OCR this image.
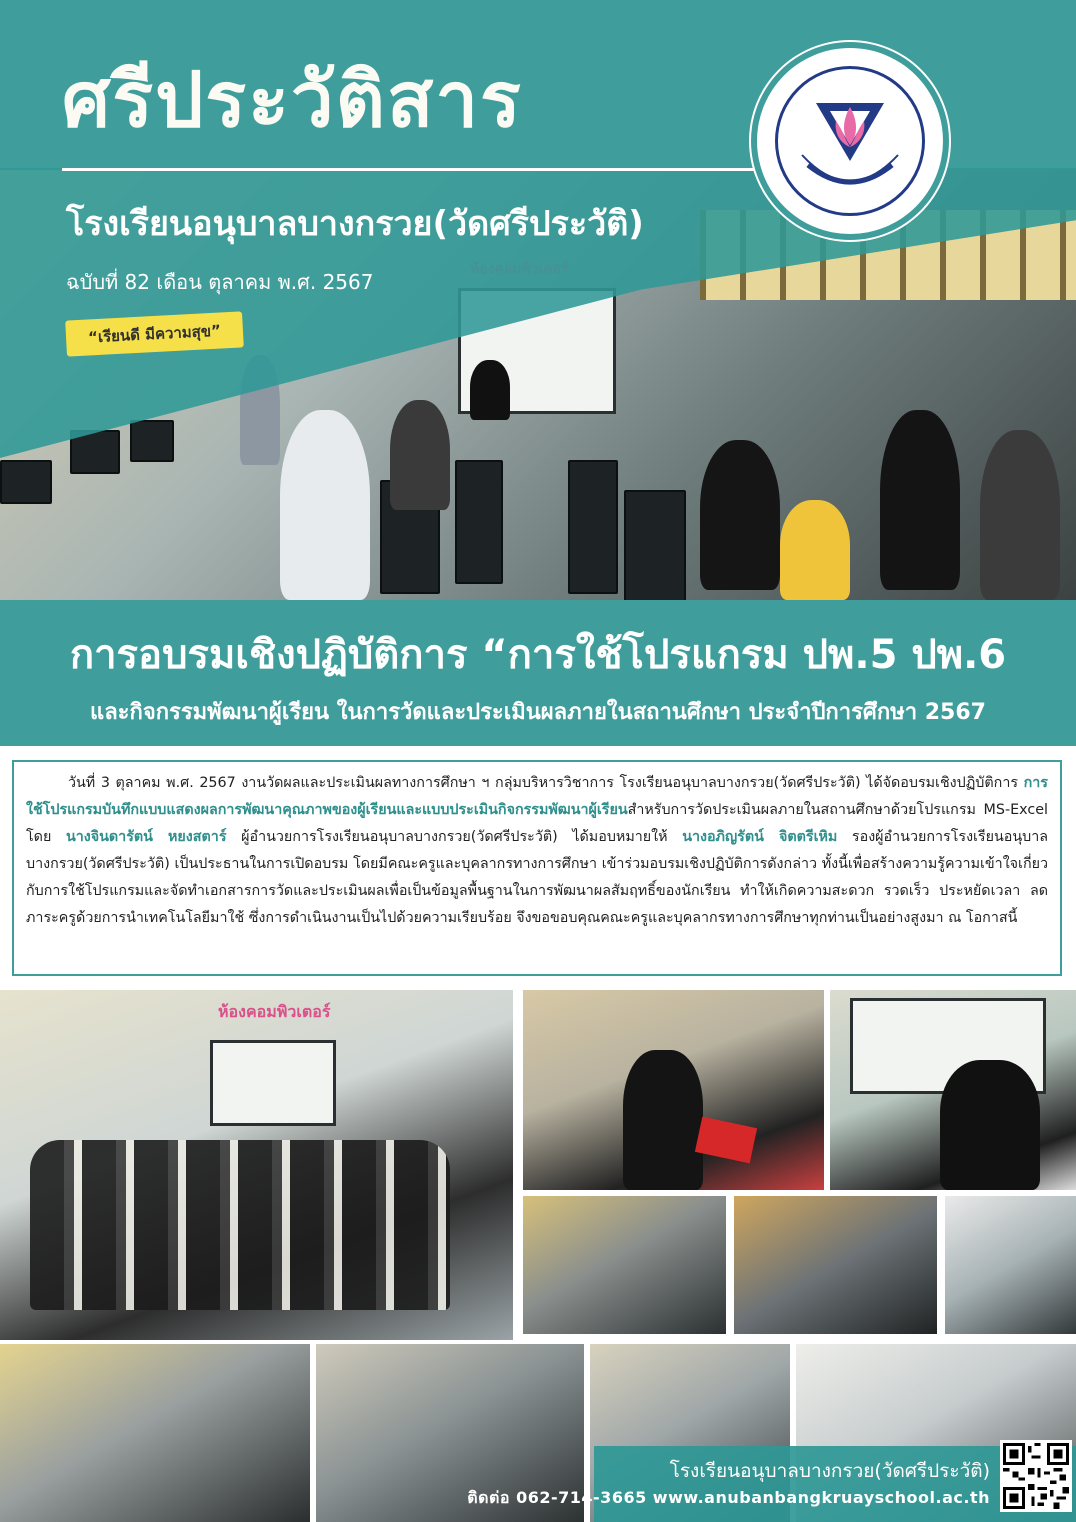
ศรีประวัติสาร
โรงเรียนอนุบาลบางกรวย(วัดศรีประวัติ)
ฉบับที่ 82 เดือน ตุลาคม พ.ศ. 2567
“เรียนดี มีความสุข”
การอบรมเชิงปฏิบัติการ “การใช้โปรแกรม ปพ.5 ปพ.6
และกิจกรรมพัฒนาผู้เรียน ในการวัดและประเมินผลภายในสถานศึกษา ประจำปีการศึกษา 2567

วันที่ 3 ตุลาคม พ.ศ. 2567 งานวัดผลและประเมินผลทางการศึกษา ฯ กลุ่มบริหารวิชาการ โรงเรียนอนุบาลบางกรวย(วัดศรีประวัติ) ได้จัดอบรมเชิงปฏิบัติการ การใช้โปรแกรมบันทึกแบบแสดงผลการพัฒนาคุณภาพของผู้เรียนและแบบประเมินกิจกรรมพัฒนาผู้เรียนสำหรับการวัดประเมินผลภายในสถานศึกษาด้วยโปรแกรม MS-Excel โดย นางจินดารัตน์ หยงสตาร์ ผู้อำนวยการโรงเรียนอนุบาลบางกรวย(วัดศรีประวัติ) ได้มอบหมายให้ นางอภิญรัตน์ จิตตรีเหิม รองผู้อำนวยการโรงเรียนอนุบาลบางกรวย(วัดศรีประวัติ) เป็นประธานในการเปิดอบรม โดยมีคณะครูและบุคลากรทางการศึกษา เข้าร่วมอบรมเชิงปฏิบัติการดังกล่าว ทั้งนี้เพื่อสร้างความรู้ความเข้าใจเกี่ยวกับการใช้โปรแกรมและจัดทำเอกสารการวัดและประเมินผลเพื่อเป็นข้อมูลพื้นฐานในการพัฒนาผลสัมฤทธิ์ของนักเรียน ทำให้เกิดความสะดวก รวดเร็ว ประหยัดเวลา ลดภาระครูด้วยการนำเทคโนโลยีมาใช้ ซึ่งการดำเนินงานเป็นไปด้วยความเรียบร้อย จึงขอขอบคุณคณะครูและบุคลากรทางการศึกษาทุกท่านเป็นอย่างสูงมา ณ โอกาสนี้

ห้องคอมพิวเตอร์
โรงเรียนอนุบาลบางกรวย(วัดศรีประวัติ)
ติดต่อ 062-714-3665 www.anubanbangkruayschool.ac.th
